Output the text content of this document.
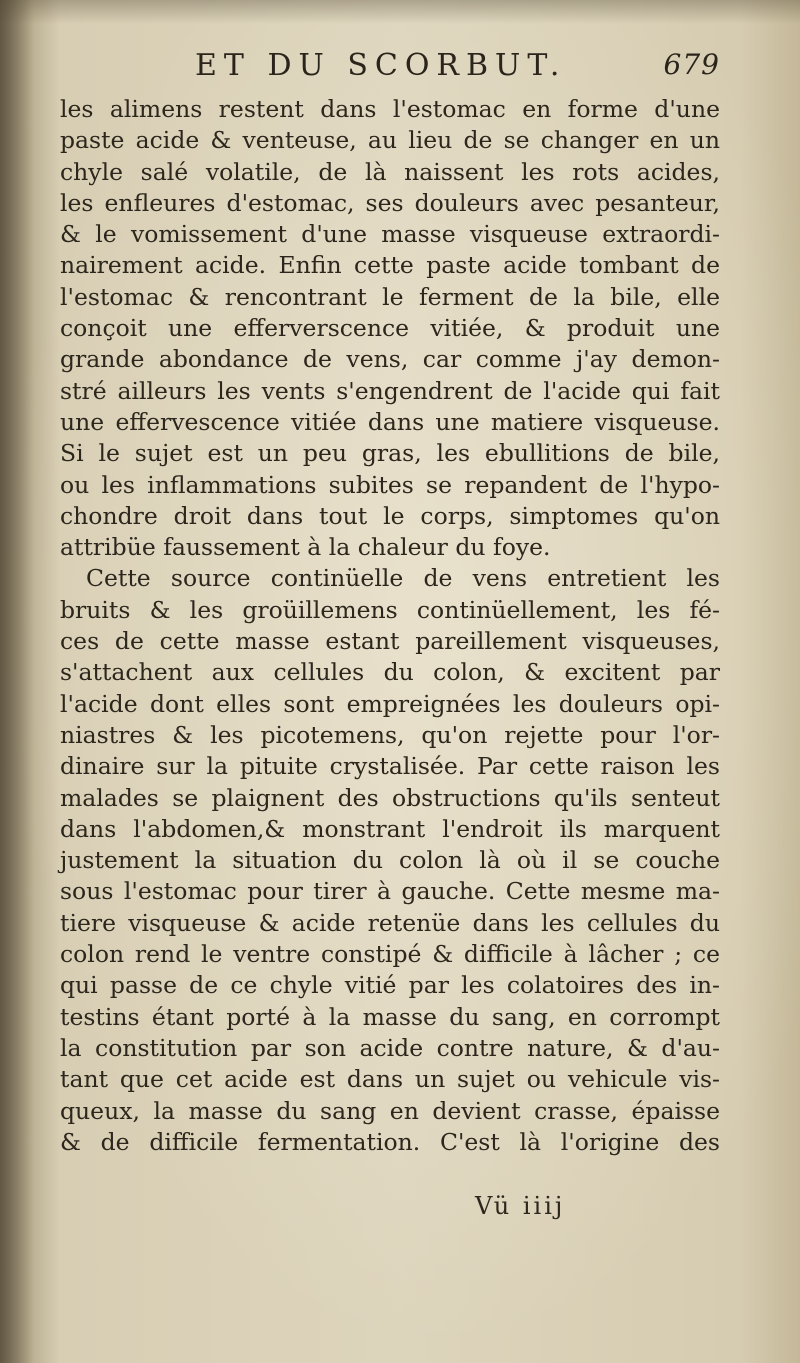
ET DU SCORBUT.	679
les alimens restent dans l'estomac en forme d'une
paste acide & venteuse, au lieu de se changer en un
chyle salé volatile, de là naissent les rots acides,
les enfleures d'estomac, ses douleurs avec pesanteur,
& le vomissement d'une masse visqueuse extraordi-
nairement acide. Enfin cette paste acide tombant de
l'estomac & rencontrant le ferment de la bile, elle
conçoit une efferverscence vitiée, & produit une
grande abondance de vens, car comme j'ay demon-
stré ailleurs les vents s'engendrent de l'acide qui fait
une effervescence vitiée dans une matiere visqueuse.
Si le sujet est un peu gras, les ebullitions de bile,
ou les inflammations subites se repandent de l'hypo-
chondre droit dans tout le corps, simptomes qu'on
attribüe faussement à la chaleur du foye.
Cette source continüelle de vens entretient les
bruits & les groüillemens continüellement, les fé-
ces de cette masse estant pareillement visqueuses,
s'attachent aux cellules du colon, & excitent par
l'acide dont elles sont empreignées les douleurs opi-
niastres & les picotemens, qu'on rejette pour l'or-
dinaire sur la pituite crystalisée. Par cette raison les
malades se plaignent des obstructions qu'ils senteut
dans l'abdomen,& monstrant l'endroit ils marquent
justement la situation du colon là où il se couche
sous l'estomac pour tirer à gauche. Cette mesme ma-
tiere visqueuse & acide retenüe dans les cellules du
colon rend le ventre constipé & difficile à lâcher ; ce
qui passe de ce chyle vitié par les colatoires des in-
testins étant porté à la masse du sang, en corrompt
la constitution par son acide contre nature, & d'au-
tant que cet acide est dans un sujet ou vehicule vis-
queux, la masse du sang en devient crasse, épaisse
& de difficile fermentation. C'est là l'origine des
Vü iiij
